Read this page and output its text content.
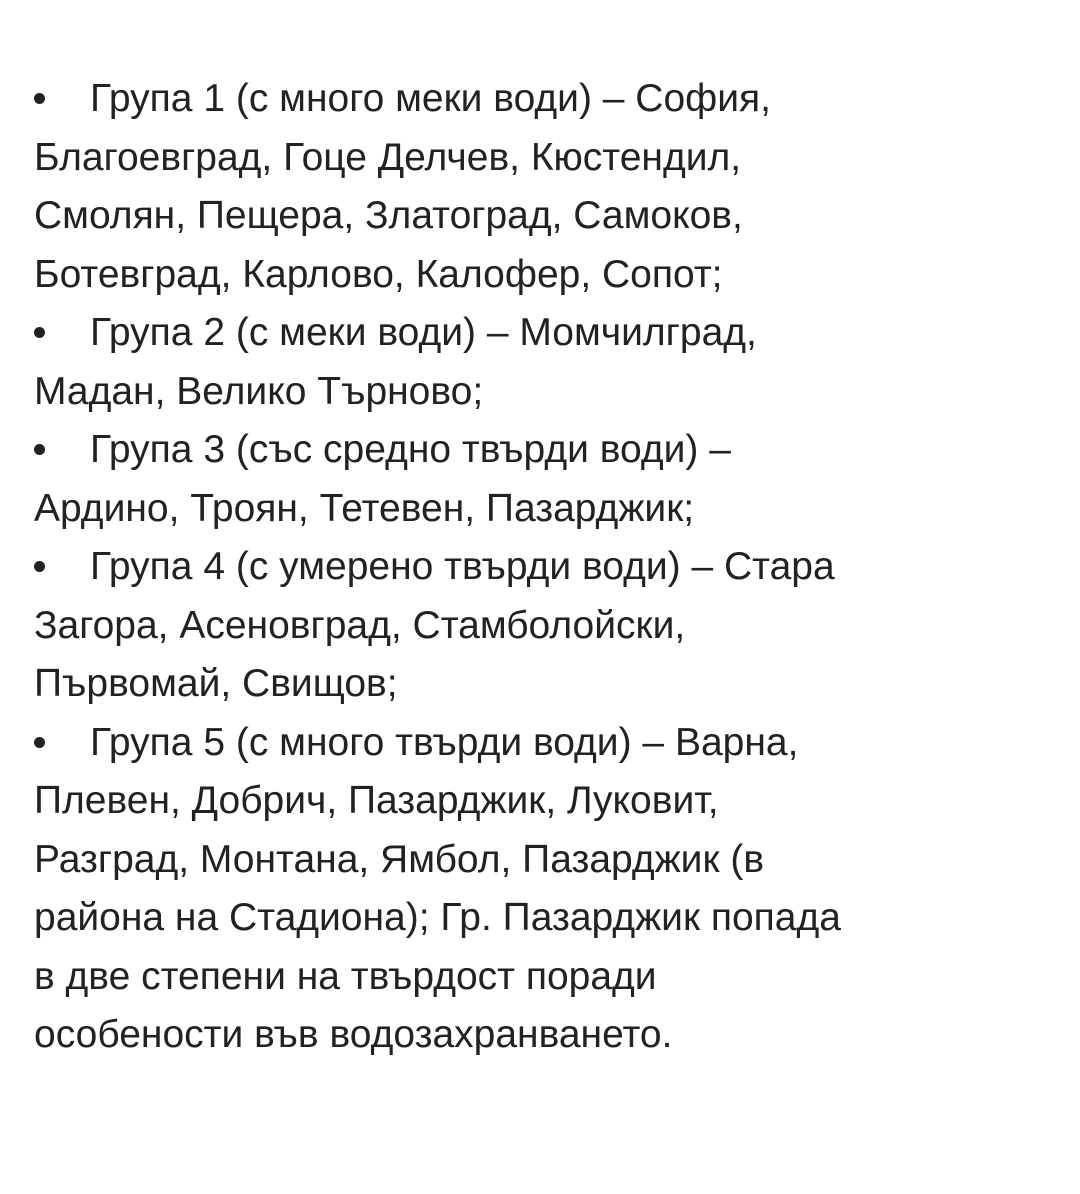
Група 1 (с много меки води) – София,
Благоевград, Гоце Делчев, Кюстендил,
Смолян, Пещера, Златоград, Самоков,
Ботевград, Карлово, Калофер, Сопот;
Група 2 (с меки води) – Момчилград,
Мадан, Велико Търново;
Група 3 (със средно твърди води) –
Ардино, Троян, Тетевен, Пазарджик;
Група 4 (с умерено твърди води) – Стара
Загора, Асеновград, Стамболойски,
Първомай, Свищов;
Група 5 (с много твърди води) – Варна,
Плевен, Добрич, Пазарджик, Луковит,
Разград, Монтана, Ямбол, Пазарджик (в
района на Стадиона); Гр. Пазарджик попада
в две степени на твърдост поради
особености във водозахранването.
